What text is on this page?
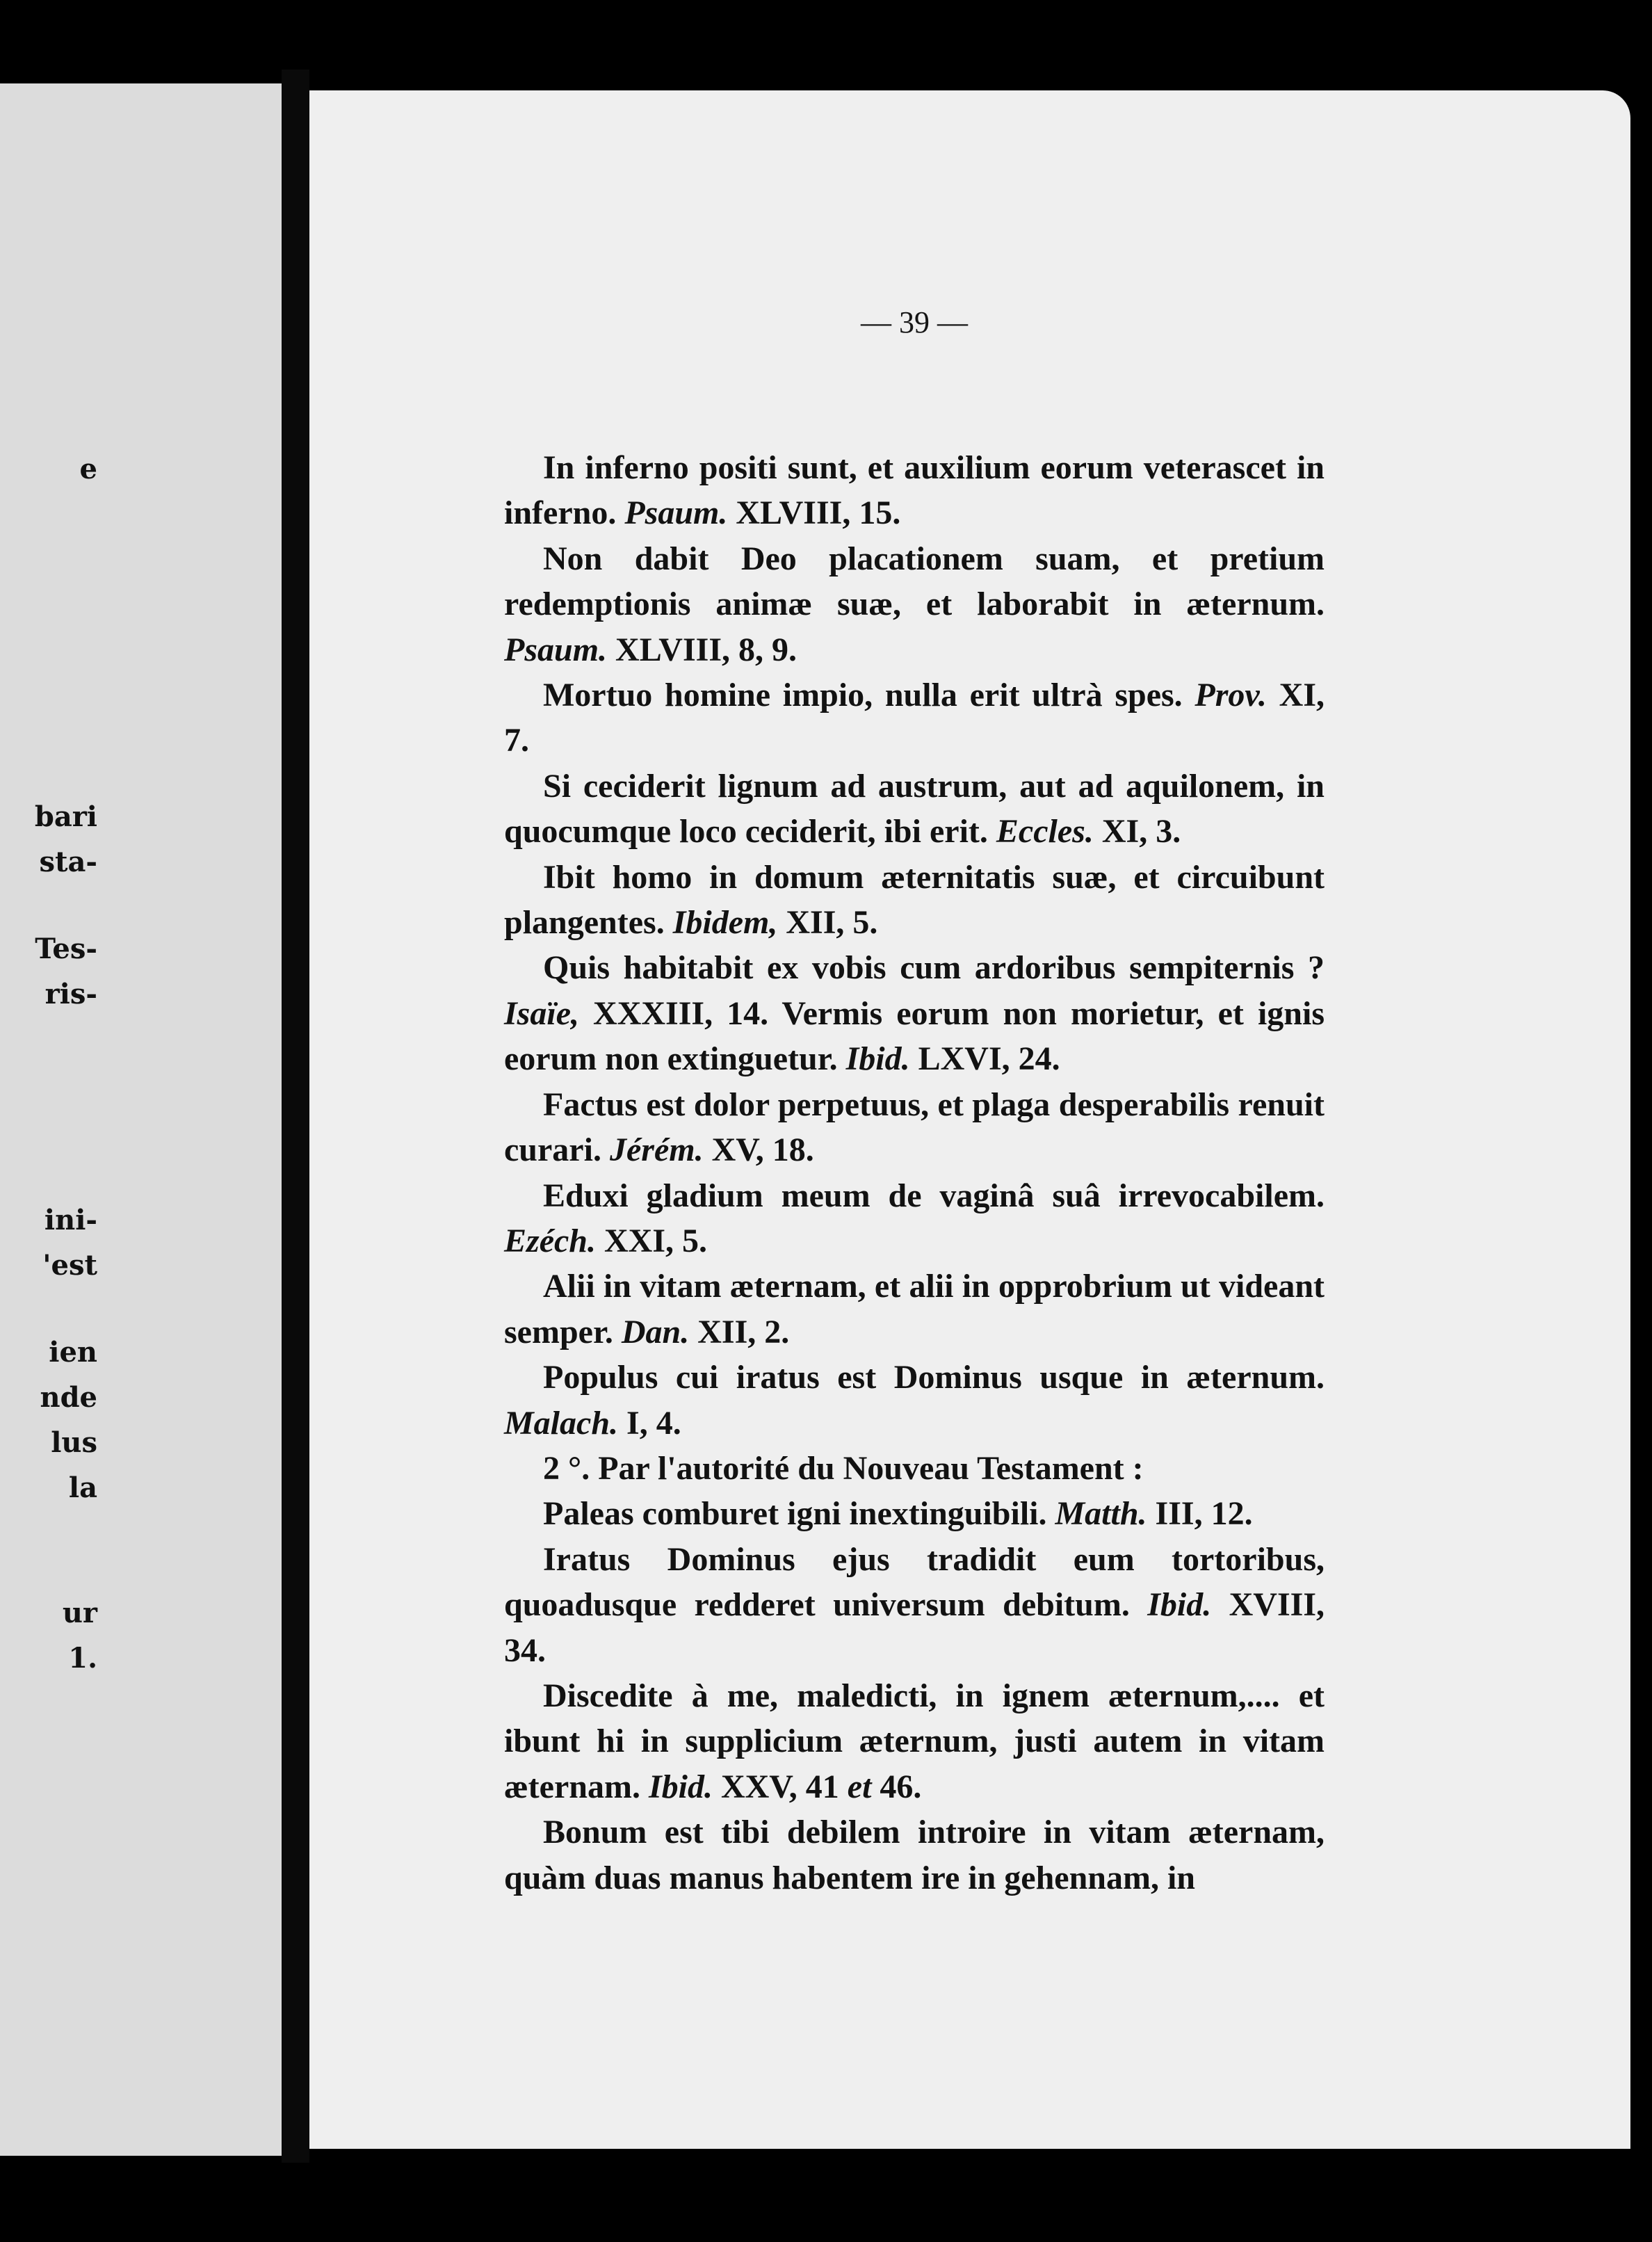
e
bari
sta-
Tes-
ris-
ini-
'est
ien
nde
lus
la
ur
1.
— 39 —

In inferno positi sunt, et auxilium eorum veterascet in inferno. Psaum. XLVIII, 15.

Non dabit Deo placationem suam, et pretium redemptionis animæ suæ, et laborabit in æternum. Psaum. XLVIII, 8, 9.

Mortuo homine impio, nulla erit ultrà spes. Prov. XI, 7.

Si ceciderit lignum ad austrum, aut ad aquilonem, in quocumque loco ceciderit, ibi erit. Eccles. XI, 3.

Ibit homo in domum æternitatis suæ, et circuibunt plangentes. Ibidem, XII, 5.

Quis habitabit ex vobis cum ardoribus sempiternis ? Isaïe, XXXIII, 14. Vermis eorum non morietur, et ignis eorum non extinguetur. Ibid. LXVI, 24.

Factus est dolor perpetuus, et plaga desperabilis renuit curari. Jérém. XV, 18.

Eduxi gladium meum de vaginâ suâ irrevocabilem. Ezéch. XXI, 5.

Alii in vitam æternam, et alii in opprobrium ut videant semper. Dan. XII, 2.

Populus cui iratus est Dominus usque in æternum. Malach. I, 4.

2 °. Par l'autorité du Nouveau Testament :

Paleas comburet igni inextinguibili. Matth. III, 12.

Iratus Dominus ejus tradidit eum tortoribus, quoadusque redderet universum debitum. Ibid. XVIII, 34.

Discedite à me, maledicti, in ignem æternum,.... et ibunt hi in supplicium æternum, justi autem in vitam æternam. Ibid. XXV, 41 et 46.

Bonum est tibi debilem introire in vitam æternam, quàm duas manus habentem ire in gehennam, in
